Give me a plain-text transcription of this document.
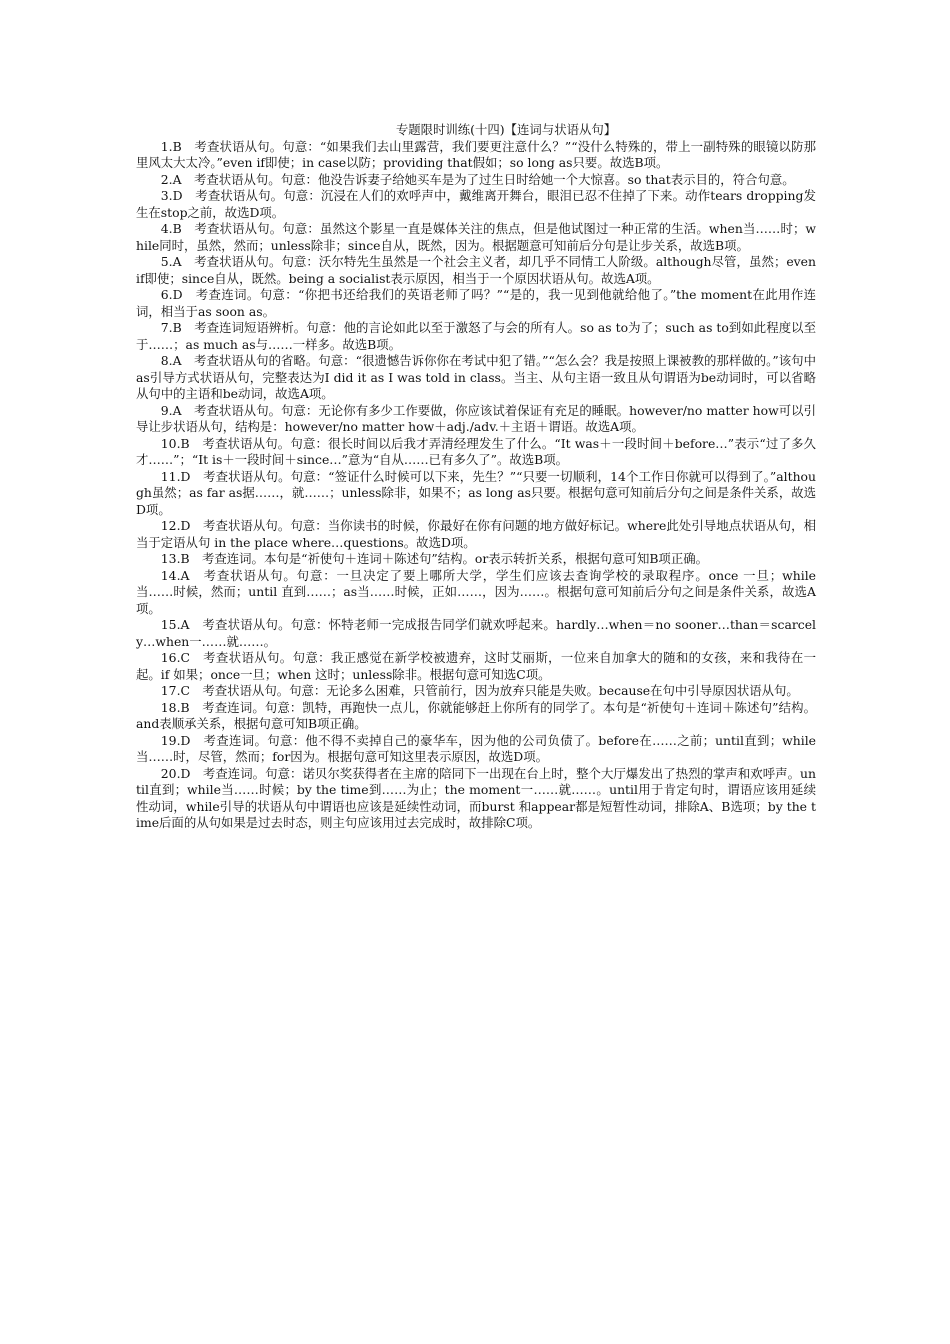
专题限时训练(十四)【连词与状语从句】

1.B　考查状语从句。句意：“如果我们去山里露营，我们要更注意什么？”“没什么特殊的，带上一副特殊的眼镜以防那里风太大太冷。”even if即使；in case以防；providing that假如；so long as只要。故选B项。

2.A　考查状语从句。句意：他没告诉妻子给她买车是为了过生日时给她一个大惊喜。so that表示目的，符合句意。

3.D　考查状语从句。句意：沉浸在人们的欢呼声中，戴维离开舞台，眼泪已忍不住掉了下来。动作tears dropping发生在stop之前，故选D项。

4.B　考查状语从句。句意：虽然这个影星一直是媒体关注的焦点，但是他试图过一种正常的生活。when当……时；while同时，虽然，然而；unless除非；since自从，既然，因为。根据题意可知前后分句是让步关系，故选B项。

5.A　考查状语从句。句意：沃尔特先生虽然是一个社会主义者，却几乎不同情工人阶级。although尽管，虽然；even if即使；since自从，既然。being a socialist表示原因，相当于一个原因状语从句。故选A项。

6.D　考查连词。句意：“你把书还给我们的英语老师了吗？”“是的，我一见到他就给他了。”the moment在此用作连词，相当于as soon as。

7.B　考查连词短语辨析。句意：他的言论如此以至于激怒了与会的所有人。so as to为了；such as to到如此程度以至于……；as much as与……一样多。故选B项。

8.A　考查状语从句的省略。句意：“很遗憾告诉你你在考试中犯了错。”“怎么会？我是按照上课被教的那样做的。”该句中as引导方式状语从句，完整表达为I did it as I was told in class。当主、从句主语一致且从句谓语为be动词时，可以省略从句中的主语和be动词，故选A项。

9.A　考查状语从句。句意：无论你有多少工作要做，你应该试着保证有充足的睡眠。however/no matter how可以引导让步状语从句，结构是：however/no matter how＋adj./adv.＋主语＋谓语。故选A项。

10.B　考查状语从句。句意：很长时间以后我才弄清经理发生了什么。“It was＋一段时间＋before…”表示“过了多久才……”；“It is＋一段时间＋since…”意为“自从……已有多久了”。故选B项。

11.D　考查状语从句。句意：“签证什么时候可以下来，先生？”“只要一切顺利，14个工作日你就可以得到了。”although虽然；as far as据……，就……；unless除非，如果不；as long as只要。根据句意可知前后分句之间是条件关系，故选D项。

12.D　考查状语从句。句意：当你读书的时候，你最好在你有问题的地方做好标记。where此处引导地点状语从句，相当于定语从句 in the place where…questions。故选D项。

13.B　考查连词。本句是“祈使句＋连词＋陈述句”结构。or表示转折关系，根据句意可知B项正确。

14.A　考查状语从句。句意：一旦决定了要上哪所大学，学生们应该去查询学校的录取程序。once 一旦；while 当……时候，然而；until 直到……；as当……时候，正如……，因为……。根据句意可知前后分句之间是条件关系，故选A项。

15.A　考查状语从句。句意：怀特老师一完成报告同学们就欢呼起来。hardly…when＝no sooner…than＝scarcely…when一……就……。

16.C　考查状语从句。句意：我正感觉在新学校被遗弃，这时艾丽斯，一位来自加拿大的随和的女孩，来和我待在一起。if 如果；once一旦；when 这时；unless除非。根据句意可知选C项。

17.C　考查状语从句。句意：无论多么困难，只管前行，因为放弃只能是失败。because在句中引导原因状语从句。

18.B　考查连词。句意：凯特，再跑快一点儿，你就能够赶上你所有的同学了。本句是“祈使句＋连词＋陈述句”结构。and表顺承关系，根据句意可知B项正确。

19.D　考查连词。句意：他不得不卖掉自己的豪华车，因为他的公司负债了。before在……之前；until直到；while当……时，尽管，然而；for因为。根据句意可知这里表示原因，故选D项。

20.D　考查连词。句意：诺贝尔奖获得者在主席的陪同下一出现在台上时，整个大厅爆发出了热烈的掌声和欢呼声。until直到；while当……时候；by the time到……为止；the moment一……就……。until用于肯定句时，谓语应该用延续性动词，while引导的状语从句中谓语也应该是延续性动词，而burst 和appear都是短暂性动词，排除A、B选项；by the time后面的从句如果是过去时态，则主句应该用过去完成时，故排除C项。
